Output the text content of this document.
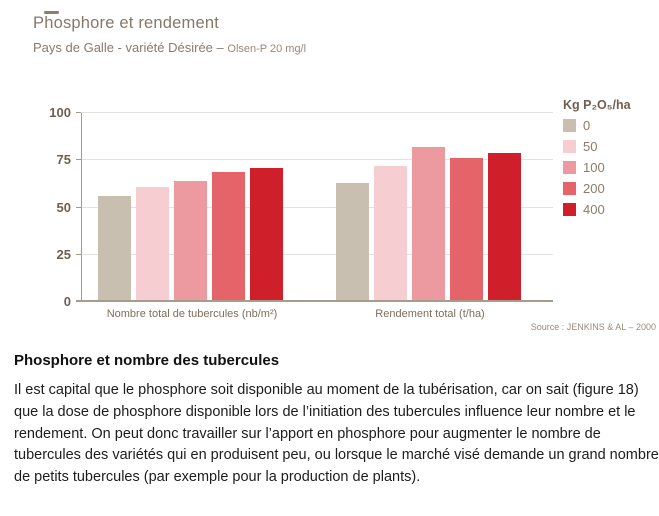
Phosphore et rendement
Pays de Galle - variété Désirée – Olsen-P 20 mg/l
0
25
50
75
100	Kg P₂O₅/ha
0
50
100
200
400
Nombre total de tubercules (nb/m²)	Rendement total (t/ha)
Source : JENKINS & AL – 2000
Phosphore et nombre des tubercules

Il est capital que le phosphore soit disponible au moment de la tubérisation, car on sait (figure 18) que la dose de phosphore disponible lors de l’initiation des tubercules influence leur nombre et le rendement. On peut donc travailler sur l’apport en phosphore pour augmenter le nombre de tubercules des variétés qui en produisent peu, ou lorsque le marché visé demande un grand nombre de petits tubercules (par exemple pour la production de plants).
